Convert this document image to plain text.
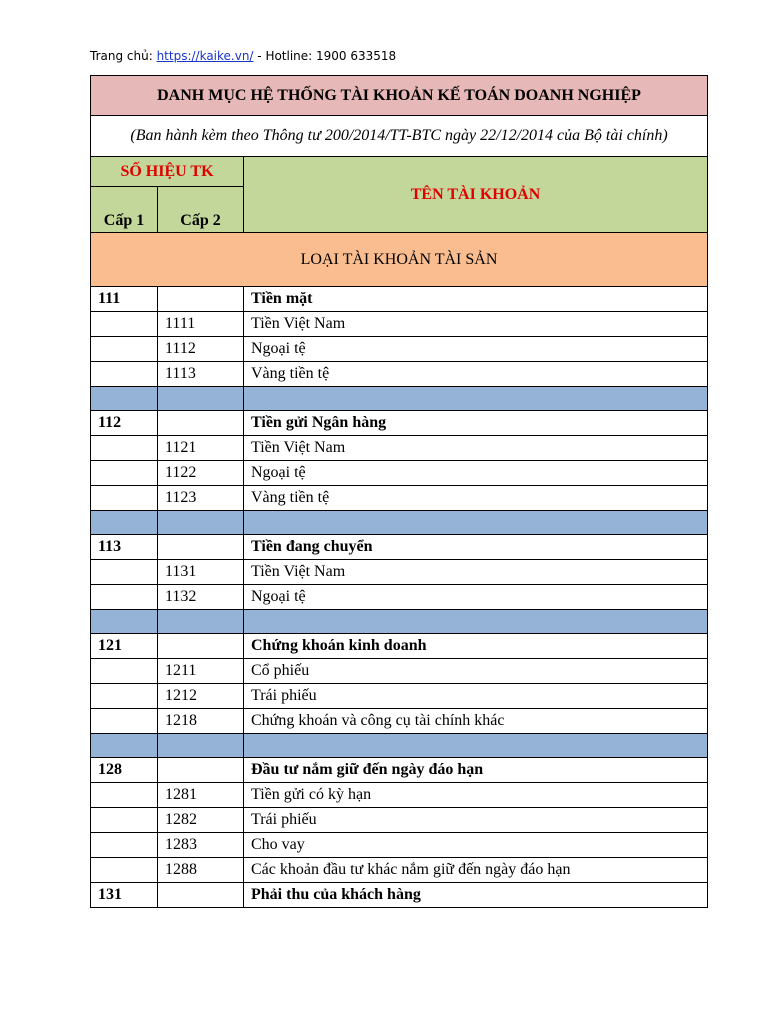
Trang chủ: https://kaike.vn/ - Hotline: 1900 633518
DANH MỤC HỆ THỐNG TÀI KHOẢN KẾ TOÁN DOANH NGHIỆP		
(Ban hành kèm theo Thông tư 200/2014/TT-BTC ngày 22/12/2014 của Bộ tài chính)		
SỐ HIỆU TK		TÊN TÀI KHOẢN
Cấp 1	Cấp 2	
LOẠI TÀI KHOẢN TÀI SẢN		
111		Tiền mặt
	1111	Tiền Việt Nam
	1112	Ngoại tệ
	1113	Vàng tiền tệ

112		Tiền gửi Ngân hàng
	1121	Tiền Việt Nam
	1122	Ngoại tệ
	1123	Vàng tiền tệ

113		Tiền đang chuyển
	1131	Tiền Việt Nam
	1132	Ngoại tệ

121		Chứng khoán kinh doanh
	1211	Cổ phiếu
	1212	Trái phiếu
	1218	Chứng khoán và công cụ tài chính khác

128		Đầu tư nắm giữ đến ngày đáo hạn
	1281	Tiền gửi có kỳ hạn
	1282	Trái phiếu
	1283	Cho vay
	1288	Các khoản đầu tư khác nắm giữ đến ngày đáo hạn
131		Phải thu của khách hàng
